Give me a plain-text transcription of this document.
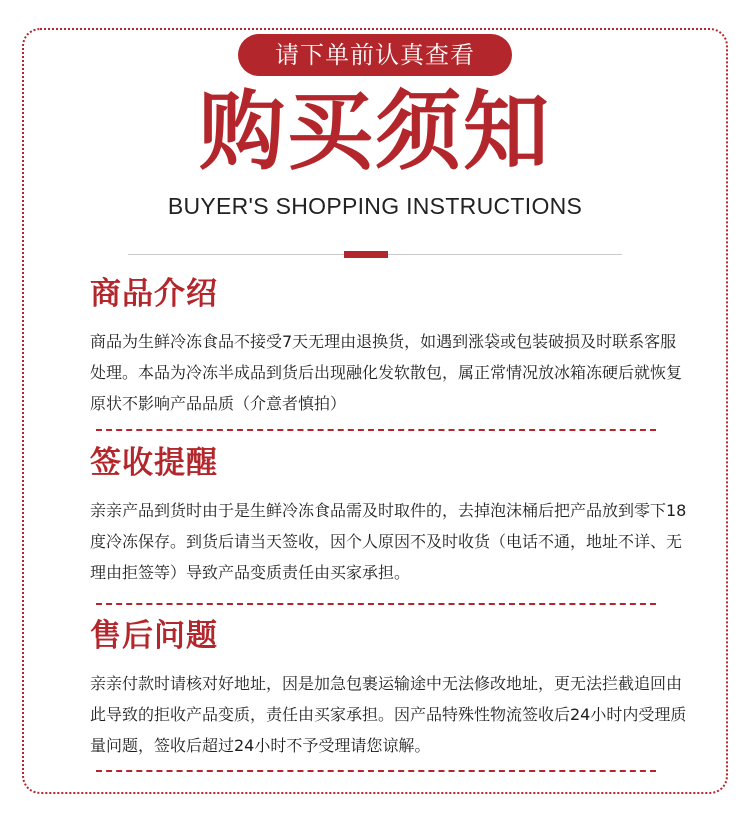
请下单前认真查看
购买须知
BUYER'S SHOPPING INSTRUCTIONS
商品介绍

商品为生鲜冷冻食品不接受7天无理由退换货，如遇到涨袋或包装破损及时联系客服处理。本品为冷冻半成品到货后出现融化发软散包，属正常情况放冰箱冻硬后就恢复原状不影响产品品质（介意者慎拍）

签收提醒

亲亲产品到货时由于是生鲜冷冻食品需及时取件的，去掉泡沫桶后把产品放到零下18度冷冻保存。到货后请当天签收，因个人原因不及时收货（电话不通，地址不详、无理由拒签等）导致产品变质责任由买家承担。

售后问题

亲亲付款时请核对好地址，因是加急包裹运输途中无法修改地址，更无法拦截追回由此导致的拒收产品变质，责任由买家承担。因产品特殊性物流签收后24小时内受理质量问题，签收后超过24小时不予受理请您谅解。
